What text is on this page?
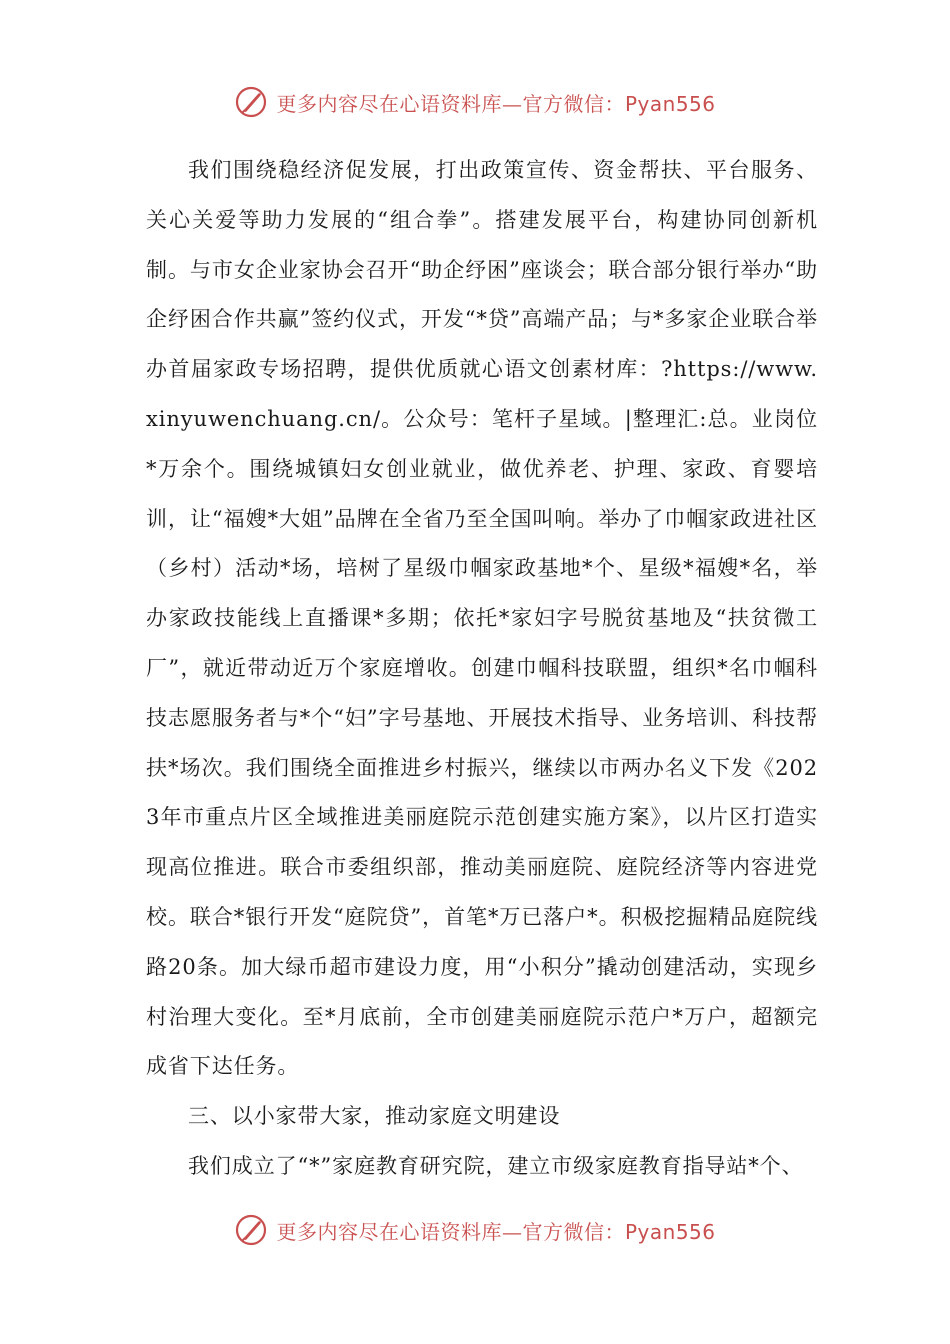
更多内容尽在心语资料库—官方微信：Pyan556

我们围绕稳经济促发展，打出政策宣传、资金帮扶、平台服务、关心关爱等助力发展的“组合拳”。搭建发展平台，构建协同创新机制。与市女企业家协会召开“助企纾困”座谈会；联合部分银行举办“助企纾困合作共赢”签约仪式，开发“*贷”高端产品；与*多家企业联合举办首届家政专场招聘，提供优质就心语文创素材库：?https://www.xinyuwenchuang.cn/。公众号：笔杆子星域。|整理汇:总。业岗位*万余个。围绕城镇妇女创业就业，做优养老、护理、家政、育婴培训，让“福嫂*大姐”品牌在全省乃至全国叫响。举办了巾帼家政进社区（乡村）活动*场，培树了星级巾帼家政基地*个、星级*福嫂*名，举办家政技能线上直播课*多期；依托*家妇字号脱贫基地及“扶贫微工厂”，就近带动近万个家庭增收。创建巾帼科技联盟，组织*名巾帼科技志愿服务者与*个“妇”字号基地、开展技术指导、业务培训、科技帮扶*场次。我们围绕全面推进乡村振兴，继续以市两办名义下发《2023年市重点片区全域推进美丽庭院示范创建实施方案》，以片区打造实现高位推进。联合市委组织部，推动美丽庭院、庭院经济等内容进党校。联合*银行开发“庭院贷”，首笔*万已落户*。积极挖掘精品庭院线路20条。加大绿币超市建设力度，用“小积分”撬动创建活动，实现乡村治理大变化。至*月底前，全市创建美丽庭院示范户*万户，超额完成省下达任务。

三、以小家带大家，推动家庭文明建设

我们成立了“*”家庭教育研究院，建立市级家庭教育指导站*个、

更多内容尽在心语资料库—官方微信：Pyan556
